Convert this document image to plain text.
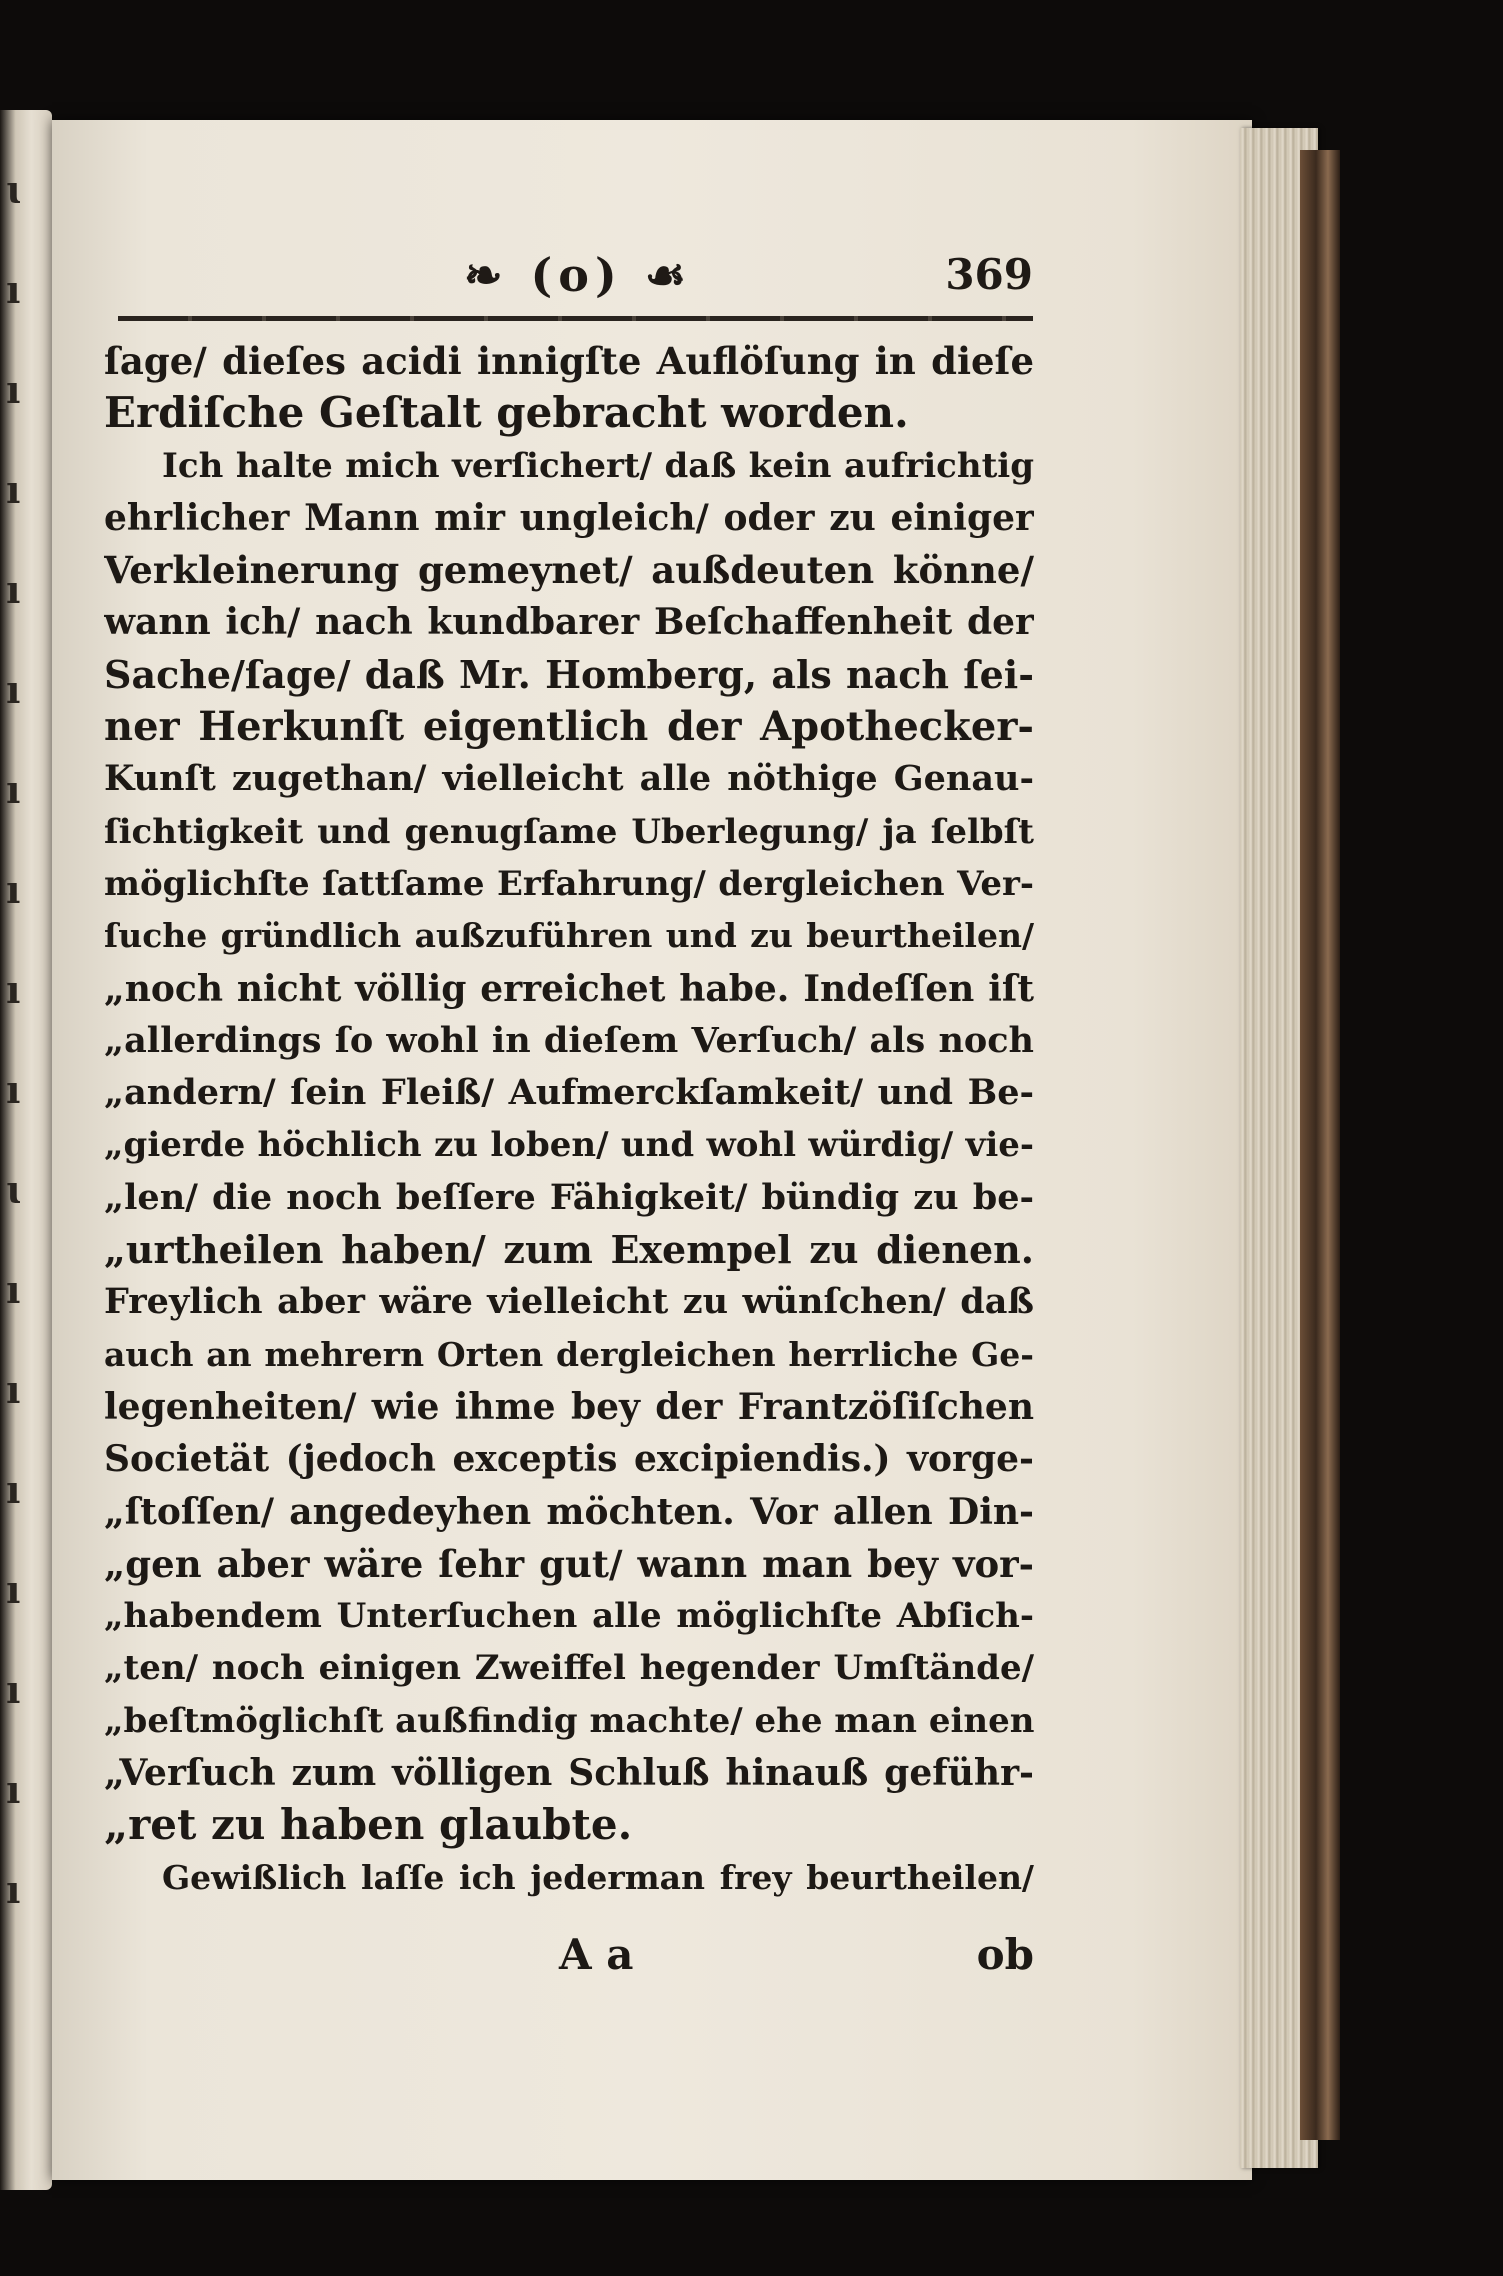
ɩ
ı
ı
ı
ı
ı
ı
ı
ı
ı
ɩ
ı
ı
ı
ı
ı
ı
ı
❧ (o) ☙	369
ſage/ dieſes acidi innigſte Auflöſung in dieſe
Erdiſche Geſtalt gebracht worden.
Ich halte mich verſichert/ daß kein aufrichtig
ehrlicher Mann mir ungleich/ oder zu einiger
Verkleinerung gemeynet/ außdeuten könne/
wann ich/ nach kundbarer Beſchaffenheit der
Sache/ſage/ daß Mr. Homberg, als nach ſei-
ner Herkunſt eigentlich der Apothecker-
Kunſt zugethan/ vielleicht alle nöthige Genau-
ſichtigkeit und genugſame Uberlegung/ ja ſelbſt
möglichſte ſattſame Erfahrung/ dergleichen Ver-
ſuche gründlich außzuführen und zu beurtheilen/
„noch nicht völlig erreichet habe. Indeſſen iſt
„allerdings ſo wohl in dieſem Verſuch/ als noch
„andern/ ſein Fleiß/ Aufmerckſamkeit/ und Be-
„gierde höchlich zu loben/ und wohl würdig/ vie-
„len/ die noch beſſere Fähigkeit/ bündig zu be-
„urtheilen haben/ zum Exempel zu dienen.
Freylich aber wäre vielleicht zu wünſchen/ daß
auch an mehrern Orten dergleichen herrliche Ge-
legenheiten/ wie ihme bey der Frantzöſiſchen
Societät (jedoch exceptis excipiendis.) vorge-
„ſtoſſen/ angedeyhen möchten. Vor allen Din-
„gen aber wäre ſehr gut/ wann man bey vor-
„habendem Unterſuchen alle möglichſte Abſich-
„ten/ noch einigen Zweiffel hegender Umſtände/
„beſtmöglichſt außfindig machte/ ehe man einen
„Verſuch zum völligen Schluß hinauß geführ-
„ret zu haben glaubte.
Gewißlich laſſe ich jederman frey beurtheilen/
A a	ob
